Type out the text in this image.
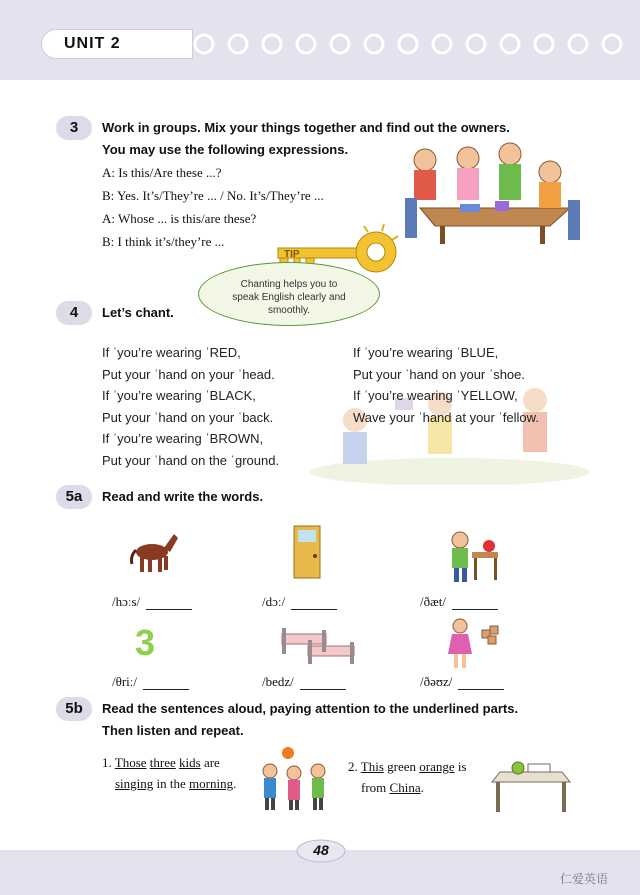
UNIT 2
3	Work in groups. Mix your things together and find out the owners.
You may use the following expressions.
A: Is this/Are these ...?
B: Yes. It’s/They’re ... / No. It’s/They’re ...
A: Whose ... is this/are these?
B: I think it’s/they’re ...
TIP
Chanting helps you to
speak English clearly and
smoothly.
4	Let’s chant.
If ˈyou’re wearing ˈRED,
Put your ˈhand on your ˈhead.
If ˈyou’re wearing ˈBLACK,
Put your ˈhand on your ˈback.
If ˈyou’re wearing ˈBROWN,
Put your ˈhand on the ˈground.
If ˈyou’re wearing ˈBLUE,
Put your ˈhand on your ˈshoe.
If ˈyou’re wearing ˈYELLOW,
Wave your ˈhand at your ˈfellow.
5a	Read and write the words.
/hɔːs/	/dɔː/	/ðæt/
3
/θriː/	/bedz/	/ðəʊz/
5b	Read the sentences aloud, paying attention to the underlined parts.
Then listen and repeat.
1. Those three kids are
singing in the morning.
2. This green orange is
from China.
48
仁爱英语
